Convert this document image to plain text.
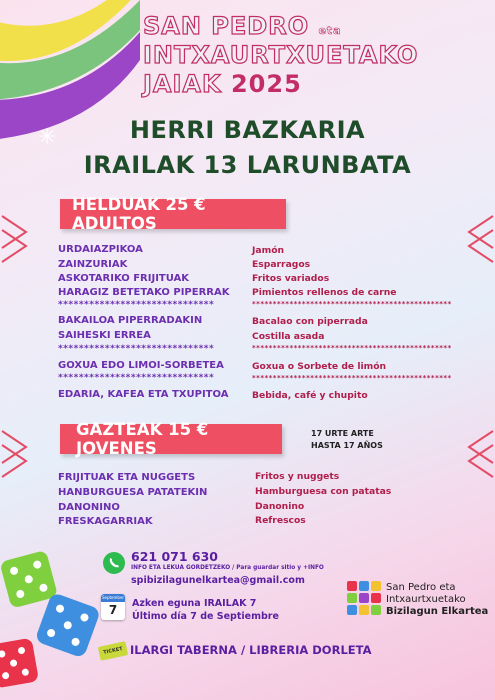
✳
SAN PEDRO eta
INTXAURTXUETAKO
JAIAK 2025
HERRI BAZKARIA
IRAILAK 13 LARUNBATA
HELDUAK 25 € ADULTOS
URDAIAZPIKOA
ZAINZURIAK
ASKOTARIKO FRIJITUAK
HARAGIZ BETETAKO PIPERRAK
******************************
BAKAILOA PIPERRADAKIN
SAIHESKI ERREA
******************************
GOXUA EDO LIMOI-SORBETEA
******************************
EDARIA, KAFEA ETA TXUPITOA
Jamón
Esparragos
Fritos variados
Pimientos rellenos de carne
************************************************
Bacalao con piperrada
Costilla asada
************************************************
Goxua o Sorbete de limón
************************************************
Bebida, café y chupito
GAZTEAK 15 € JOVENES
17 URTE ARTE
HASTA 17 AÑOS
FRIJITUAK ETA NUGGETS
HANBURGUESA PATATEKIN
DANONINO
FRESKAGARRIAK
Fritos y nuggets
Hamburguesa con patatas
Danonino
Refrescos
621 071 630
INFO ETA LEKUA GORDETZEKO / Para guardar sitio y +INFO
spibizilagunelkartea@gmail.com
September
7	Azken eguna IRAILAK 7
Último día 7 de Septiembre
TICKET ILARGI TABERNA / LIBRERIA DORLETA
San Pedro eta
Intxaurtxuetako
Bizilagun Elkartea
